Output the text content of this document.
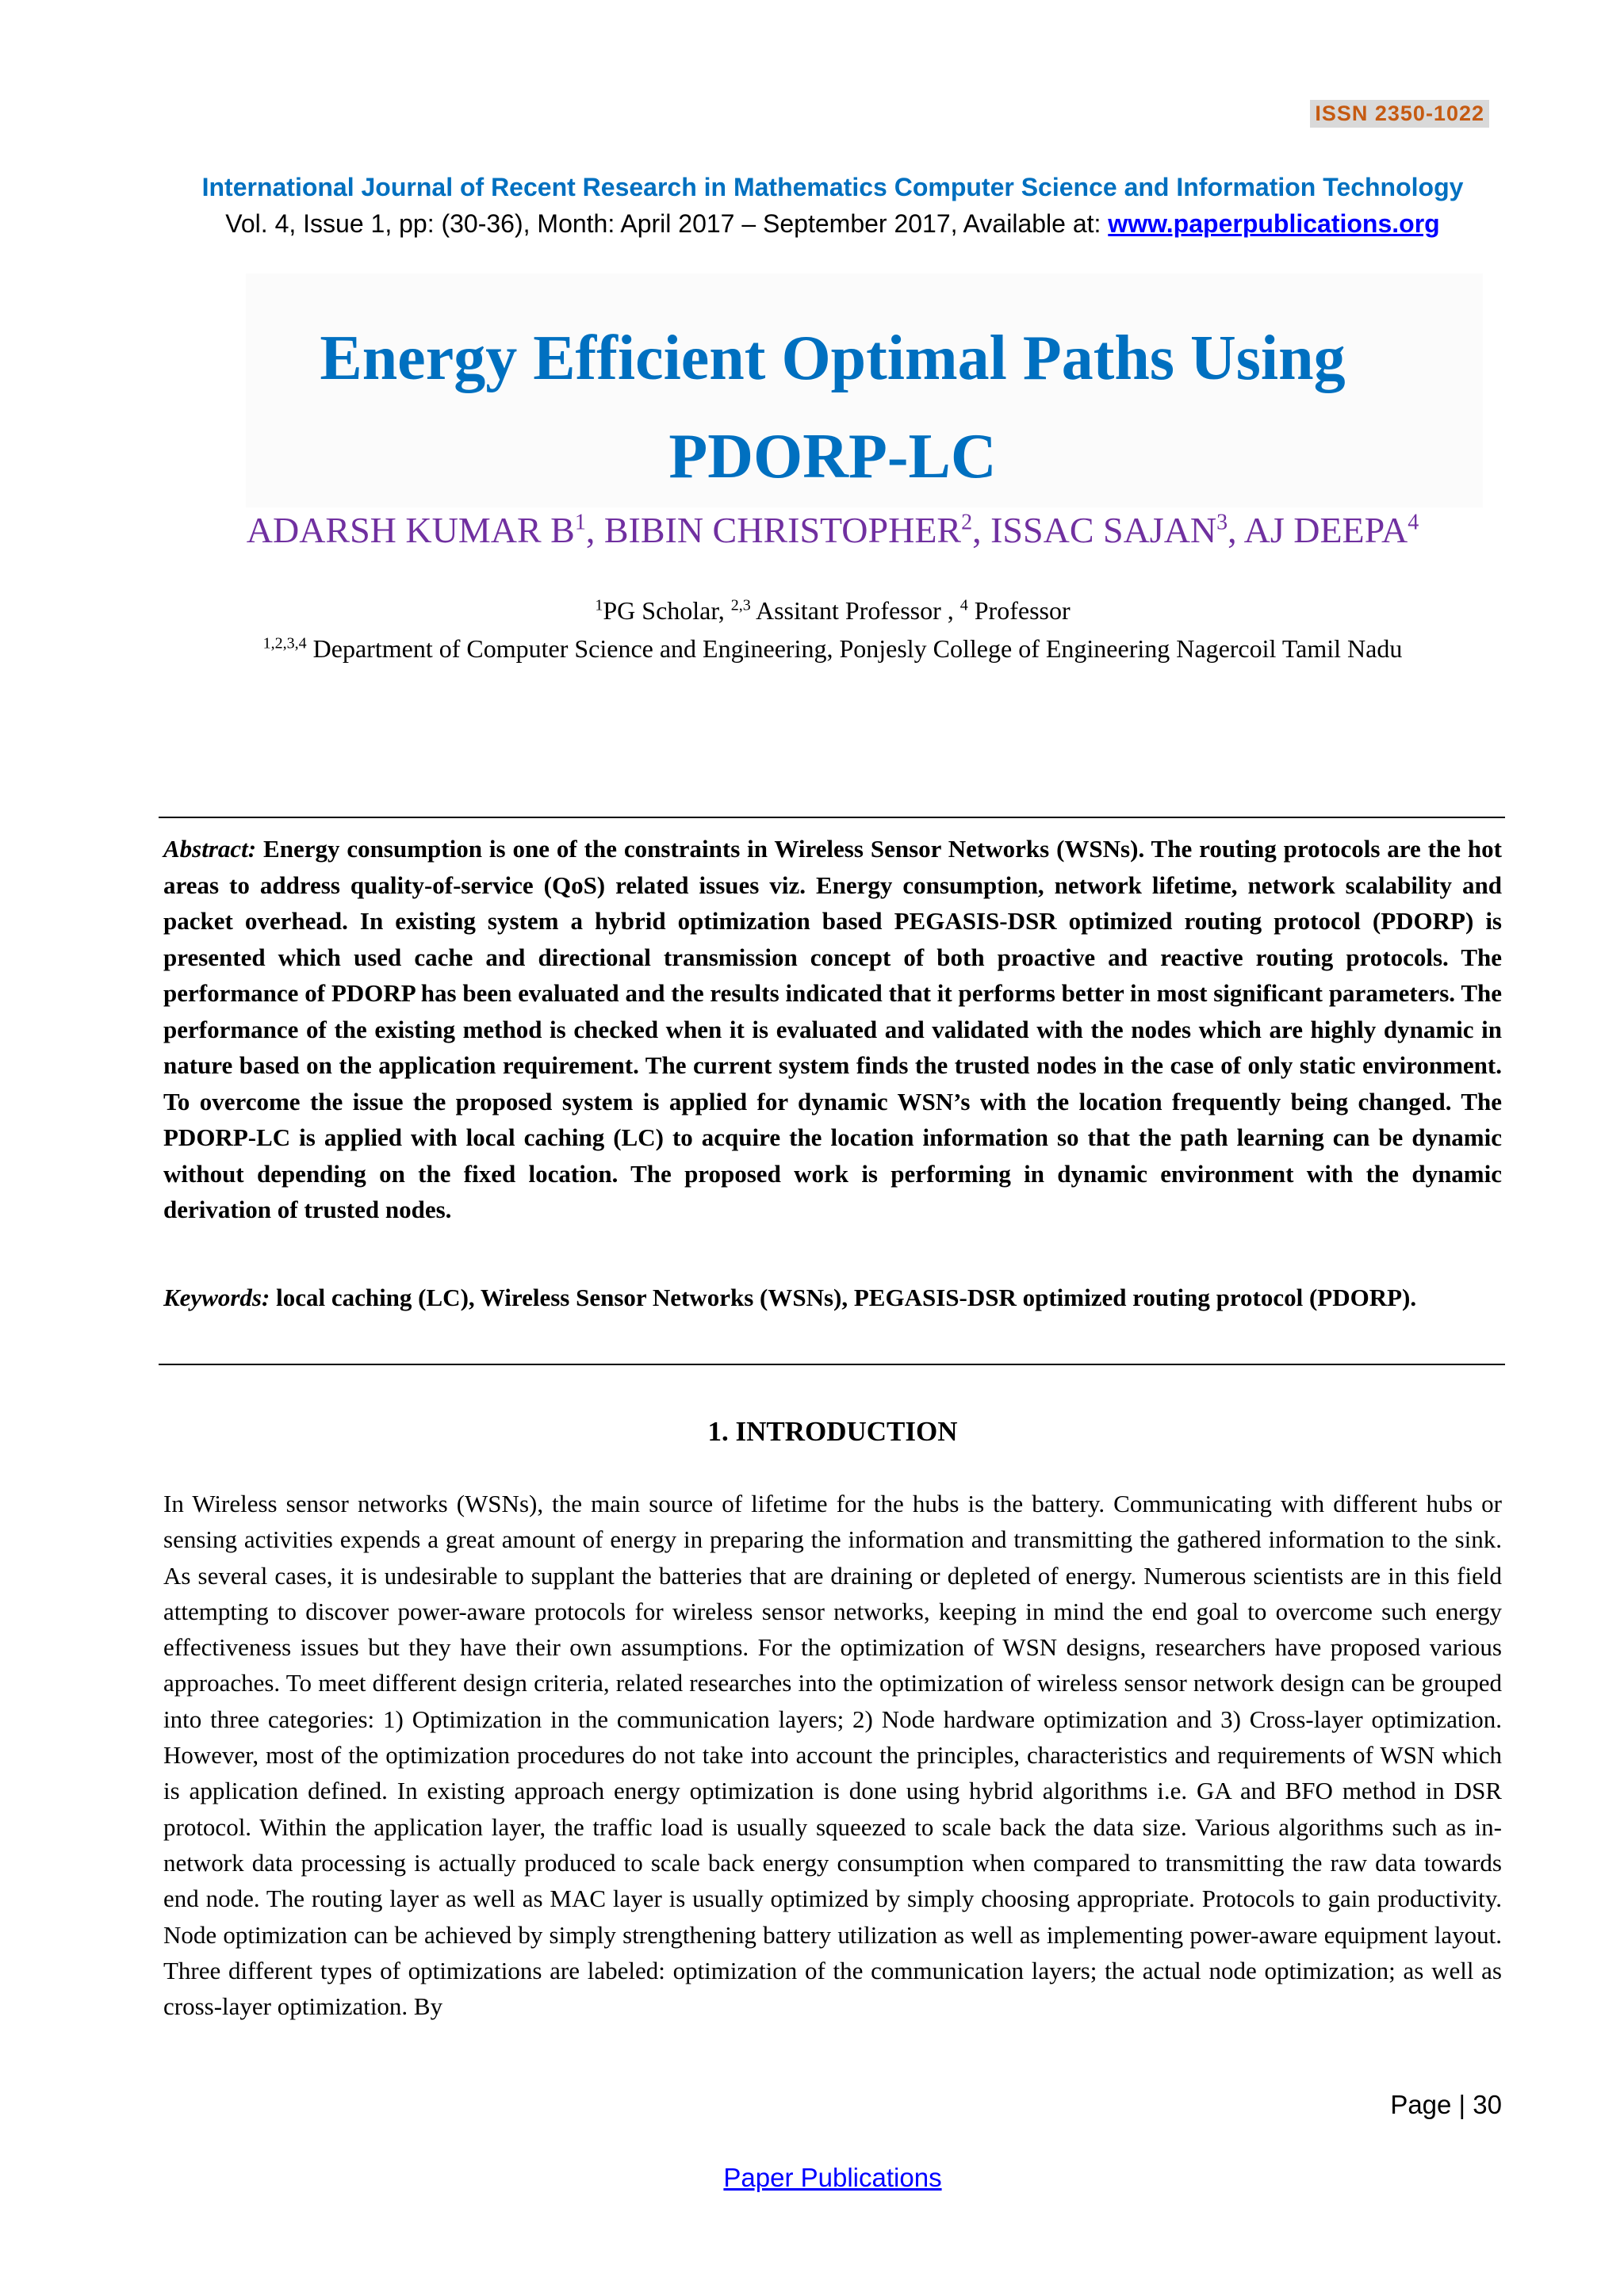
ISSN 2350-1022
International Journal of Recent Research in Mathematics Computer Science and Information Technology
Vol. 4, Issue 1, pp: (30-36), Month: April 2017 – September 2017, Available at: www.paperpublications.org
Energy Efficient Optimal Paths Using
PDORP-LC
ADARSH KUMAR $B^1$, BIBIN CHRISTOPHER$^2$, ISSAC SAJAN$^3$, AJ DEEPA$^4$
$^1$PG Scholar, $^{2,3}$ Assitant Professor , $^4$ Professor
$^{1,2,3,4}$ Department of Computer Science and Engineering, Ponjesly College of Engineering Nagercoil Tamil Nadu
Abstract: Energy consumption is one of the constraints in Wireless Sensor Networks (WSNs). The routing protocols are the hot areas to address quality-of-service (QoS) related issues viz. Energy consumption, network lifetime, network scalability and packet overhead. In existing system a hybrid optimization based PEGASIS-DSR optimized routing protocol (PDORP) is presented which used cache and directional transmission concept of both proactive and reactive routing protocols. The performance of PDORP has been evaluated and the results indicated that it performs better in most significant parameters. The performance of the existing method is checked when it is evaluated and validated with the nodes which are highly dynamic in nature based on the application requirement. The current system finds the trusted nodes in the case of only static environment. To overcome the issue the proposed system is applied for dynamic WSN’s with the location frequently being changed. The PDORP-LC is applied with local caching (LC) to acquire the location information so that the path learning can be dynamic without depending on the fixed location. The proposed work is performing in dynamic environment with the dynamic derivation of trusted nodes.
Keywords: local caching (LC), Wireless Sensor Networks (WSNs), PEGASIS-DSR optimized routing protocol (PDORP).
1. INTRODUCTION
In Wireless sensor networks (WSNs), the main source of lifetime for the hubs is the battery. Communicating with different hubs or sensing activities expends a great amount of energy in preparing the information and transmitting the gathered information to the sink. As several cases, it is undesirable to supplant the batteries that are draining or depleted of energy. Numerous scientists are in this field attempting to discover power-aware protocols for wireless sensor networks, keeping in mind the end goal to overcome such energy effectiveness issues but they have their own assumptions. For the optimization of WSN designs, researchers have proposed various approaches. To meet different design criteria, related researches into the optimization of wireless sensor network design can be grouped into three categories: 1) Optimization in the communication layers; 2) Node hardware optimization and 3) Cross-layer optimization. However, most of the optimization procedures do not take into account the principles, characteristics and requirements of WSN which is application defined. In existing approach energy optimization is done using hybrid algorithms i.e. GA and BFO method in DSR protocol. Within the application layer, the traffic load is usually squeezed to scale back the data size. Various algorithms such as in-network data processing is actually produced to scale back energy consumption when compared to transmitting the raw data towards end node. The routing layer as well as MAC layer is usually optimized by simply choosing appropriate. Protocols to gain productivity. Node optimization can be achieved by simply strengthening battery utilization as well as implementing power-aware equipment layout. Three different types of optimizations are labeled: optimization of the communication layers; the actual node optimization; as well as cross-layer optimization. By
Page | 30
Paper Publications
